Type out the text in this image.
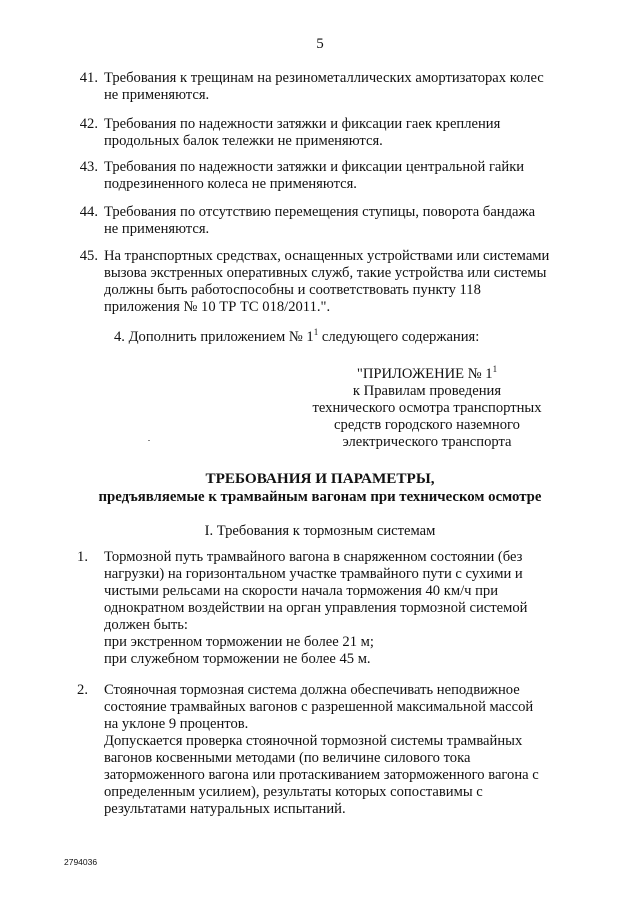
5
41. Требования к трещинам на резинометаллических амортизаторах колес
не применяются.
42. Требования по надежности затяжки и фиксации гаек крепления
продольных балок тележки не применяются.
43. Требования по надежности затяжки и фиксации центральной гайки
подрезиненного колеса не применяются.
44. Требования по отсутствию перемещения ступицы, поворота бандажа
не применяются.
45. На транспортных средствах, оснащенных устройствами или системами
вызова экстренных оперативных служб, такие устройства или системы
должны быть работоспособны и соответствовать пункту 118
приложения № 10 ТР ТС 018/2011.".
4. Дополнить приложением № $1^1$ следующего содержания:
"ПРИЛОЖЕНИЕ № $1^1$
к Правилам проведения
технического осмотра транспортных
средств городского наземного
электрического транспорта
ТРЕБОВАНИЯ И ПАРАМЕТРЫ,
предъявляемые к трамвайным вагонам при техническом осмотре
I. Требования к тормозным системам
1. Тормозной путь трамвайного вагона в снаряженном состоянии (без
нагрузки) на горизонтальном участке трамвайного пути с сухими и
чистыми рельсами на скорости начала торможения 40 км/ч при
однократном воздействии на орган управления тормозной системой
должен быть:
при экстренном торможении не более 21 м;
при служебном торможении не более 45 м.
2. Стояночная тормозная система должна обеспечивать неподвижное
состояние трамвайных вагонов с разрешенной максимальной массой
на уклоне 9 процентов.
Допускается проверка стояночной тормозной системы трамвайных
вагонов косвенными методами (по величине силового тока
заторможенного вагона или протаскиванием заторможенного вагона с
определенным усилием), результаты которых сопоставимы с
результатами натуральных испытаний.
2794036
